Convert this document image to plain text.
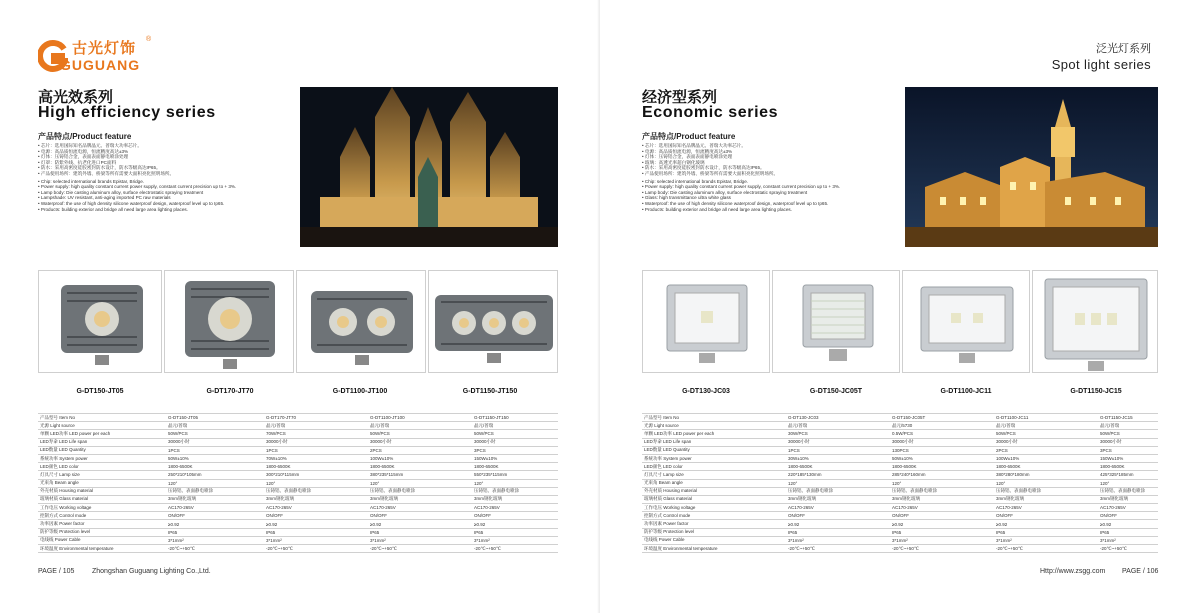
古光灯饰
®
GUGUANG
高光效系列
High efficiency series
产品特点/Product feature
• 芯片：选用国际知名品牌晶元、普瑞大功率芯片。
• 电源：高品质恒流电源，恒流精度高达±3%
• 灯体：压铸铝合金，表面表面静电喷涂处理
• 灯罩：防紫外线、抗老化进口PC面料
• 防水：采用高密度硅胶密封防水设计，防水等级高达IP65。
• 产品使用场所：建筑外墙、桥梁等所有需要大面积亮化照明场所。
• Chip: selected international brands Epistar, Bridge.
• Power supply: high quality constant current power supply, constant current precision up to + 3%.
• Lamp body: Die casting aluminum alloy, surface electrostatic spraying treatment
• Lampshade: UV resistant, anti-aging imported PC raw materials
• Waterproof: the use of high density silicone waterproof design, waterproof level up to Ip65.
• Products: building exterior and bridge all need large area lighting places.
G-DT150-JT05	G-DT170-JT70	G-DT1100-JT100	G-DT1150-JT150
产品型号 Item No	G-DT150-JT05	G-DT170-JT70	G-DT1100-JT100	G-DT1150-JT150
光源 Light source	晶元/普瑞	晶元/普瑞	晶元/普瑞	晶元/普瑞
单颗 LED功率 LED power per each	50W/PCS	70W/PCS	50W/PCS	50W/PCS
LED寿命 LED Life span	30000小时	30000小时	30000小时	30000小时
LED数量 LED Quantity	1PCS	1PCS	2PCS	3PCS
系统功率 System power	50W±10%	70W±10%	100W±10%	150W±10%
LED颜色 LED color	1800-6500K	1800-6500K	1800-6500K	1800-6500K
灯具尺寸 Lamp size	250*210*105mm	300*210*115mm	380*235*115mm	550*235*115mm
光束角 Beam angle	120°	120°	120°	120°
外壳材质 Housing material	压铸铝、表面静电喷涂	压铸铝、表面静电喷涂	压铸铝、表面静电喷涂	压铸铝、表面静电喷涂
玻璃材质 Glass material	3mm钢化玻璃	3mm钢化玻璃	3mm钢化玻璃	3mm钢化玻璃
工作电压 Working voltage	AC170-265V	AC170-265V	AC170-265V	AC170-265V
控制方式 Control mode	ON/OFF	ON/OFF	ON/OFF	ON/OFF
功率因素 Power factor	≥0.92	≥0.92	≥0.92	≥0.92
防护等级 Protection level	IP65	IP65	IP65	IP65
电线线 Power Cable	3*1mm²	3*1mm²	3*1mm²	3*1mm²
环境温度 Environmental temperature	-20℃~+50℃	-20℃~+50℃	-20℃~+50℃	-20℃~+50℃
PAGE / 105	Zhongshan Guguang Lighting Co.,Ltd.
泛光灯系列
Spot light series
经济型系列
Economic series
产品特点/Product feature
• 芯片：选用国际知名品牌晶元、普瑞大功率芯片。
• 电源：高品质恒流电源，恒流精度高达±3%
• 灯体：压铸铝合金，表面表面静电喷涂处理
• 玻璃：高透光率超白钢化玻璃
• 防水：采用高密度硅胶密封防水设计，防水等级高达IP65。
• 产品使用场所：建筑外墙、桥梁等所有需要大面积亮化照明场所。
• Chip: selected international brands Epistar, Bridge.
• Power supply: high quality constant current power supply, constant current precision up to + 3%.
• Lamp body: Die casting aluminum alloy, surface electrostatic spraying treatment
• Glass: high transmittance ultra white glass
• Waterproof: the use of high density silicone waterproof design, waterproof level up to Ip65.
• Products: building exterior and bridge all need large area lighting places.
G-DT130-JC03	G-DT150-JC05T	G-DT1100-JC11	G-DT1150-JC15
产品型号 Item No	G-DT130-JC03	G-DT150-JC05T	G-DT1100-JC11	G-DT1150-JC15
光源 Light source	晶元/普瑞	晶元/5730	晶元/普瑞	晶元/普瑞
单颗 LED功率 LED power per each	30W/PCS	0.5W/PCS	50W/PCS	50W/PCS
LED寿命 LED Life span	30000小时	30000小时	30000小时	30000小时
LED数量 LED Quantity	1PCS	130PCS	2PCS	3PCS
系统功率 System power	30W±10%	50W±10%	100W±10%	150W±10%
LED颜色 LED color	1800-6500K	1800-6500K	1800-6500K	1800-6500K
灯具尺寸 Lamp size	220*185*130mm	285*240*160mm	380*280*180mm	425*325*185mm
光束角 Beam angle	120°	120°	120°	120°
外壳材质 Housing material	压铸铝、表面静电喷涂	压铸铝、表面静电喷涂	压铸铝、表面静电喷涂	压铸铝、表面静电喷涂
玻璃材质 Glass material	3mm钢化玻璃	3mm钢化玻璃	3mm钢化玻璃	3mm钢化玻璃
工作电压 Working voltage	AC170-265V	AC170-265V	AC170-265V	AC170-265V
控制方式 Control mode	ON/OFF	ON/OFF	ON/OFF	ON/OFF
功率因素 Power factor	≥0.92	≥0.92	≥0.92	≥0.92
防护等级 Protection level	IP65	IP65	IP65	IP65
电线线 Power Cable	3*1mm²	3*1mm²	3*1mm²	3*1mm²
环境温度 Environmental temperature	-20℃~+50℃	-20℃~+50℃	-20℃~+50℃	-20℃~+50℃
Http://www.zsgg.com PAGE / 106
